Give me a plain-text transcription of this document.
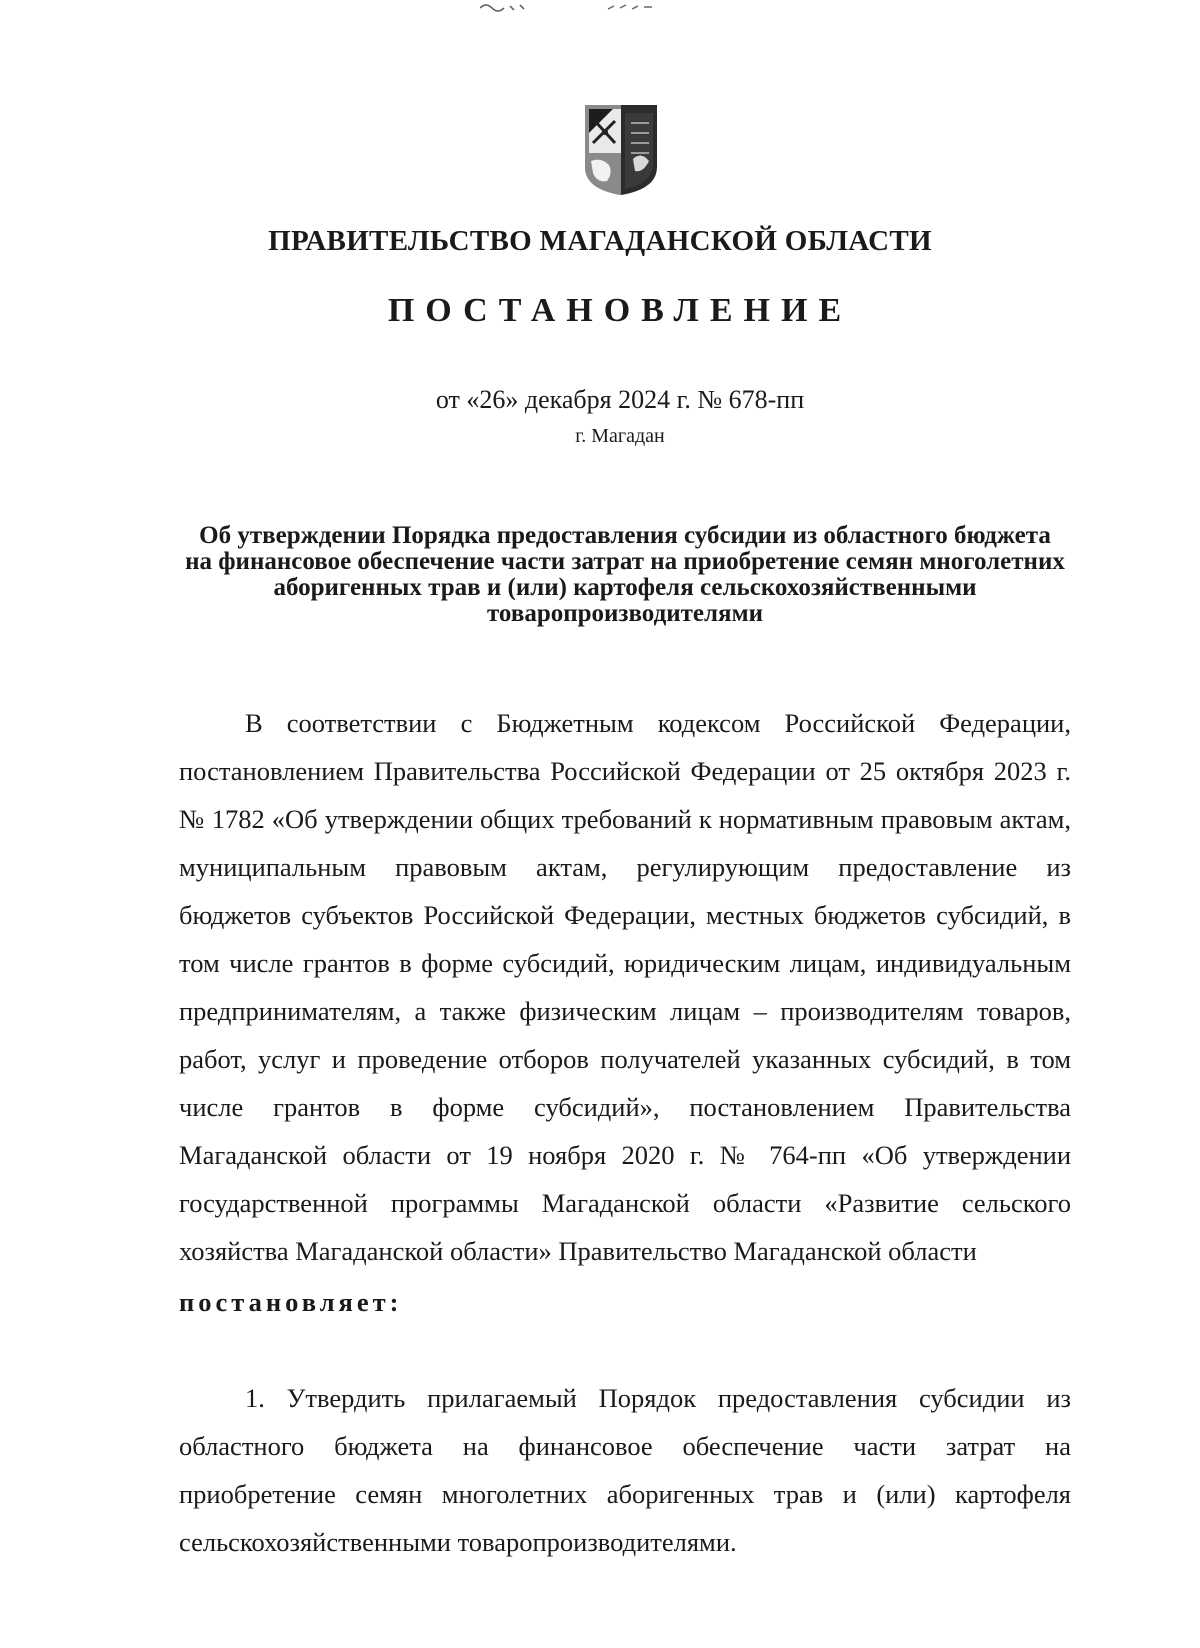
ПРАВИТЕЛЬСТВО МАГАДАНСКОЙ ОБЛАСТИ
ПОСТАНОВЛЕНИЕ
от «26» декабря 2024 г. № 678-пп
г. Магадан

Об утверждении Порядка предоставления субсидии из областного бюджета на финансовое обеспечение части затрат на приобретение семян многолетних аборигенных трав и (или) картофеля сельскохозяйственными товаропроизводителями

В соответствии с Бюджетным кодексом Российской Федерации, постановлением Правительства Российской Федерации от 25 октября 2023 г. № 1782 «Об утверждении общих требований к нормативным правовым актам, муниципальным правовым актам, регулирующим предоставление из бюджетов субъектов Российской Федерации, местных бюджетов субсидий, в том числе грантов в форме субсидий, юридическим лицам, индивидуальным предпринимателям, а также физическим лицам – производителям товаров, работ, услуг и проведение отборов получателей указанных субсидий, в том числе грантов в форме субсидий», постановлением Правительства Магаданской области от 19 ноября 2020 г. № 764-пп «Об утверждении государственной программы Магаданской области «Развитие сельского хозяйства Магаданской области» Правительство Магаданской области

постановляет:

1. Утвердить прилагаемый Порядок предоставления субсидии из областного бюджета на финансовое обеспечение части затрат на приобретение семян многолетних аборигенных трав и (или) картофеля сельскохозяйственными товаропроизводителями.
